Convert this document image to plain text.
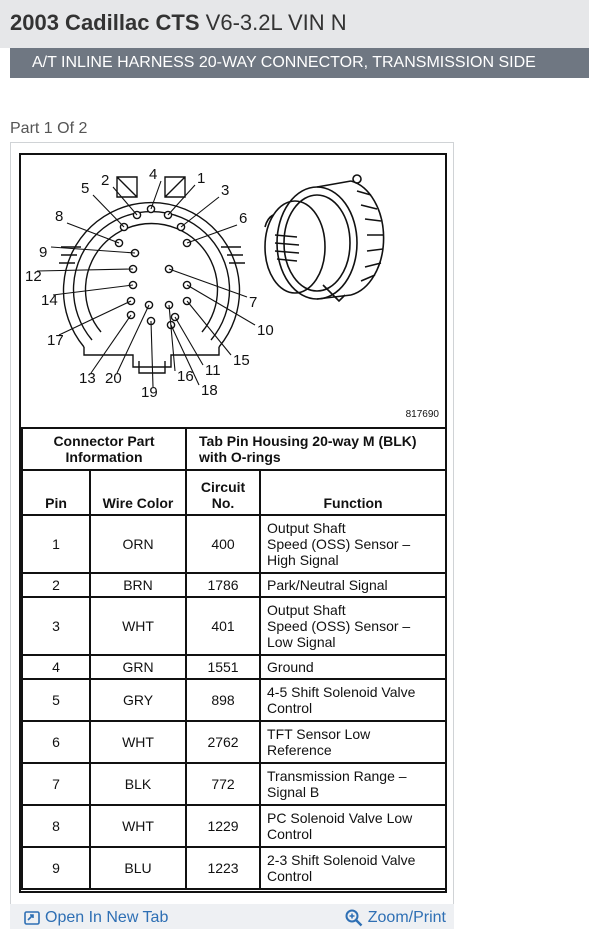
2003 Cadillac CTS V6-3.2L VIN N
A/T INLINE HARNESS 20-WAY CONNECTOR, TRANSMISSION SIDE
Part 1 Of 2
4	1
2
3
5
6
8
9
12
7
14
10
17
15
13 20	16 11
18
19
817690
Connector Part Information		Tab Pin Housing 20-way M (BLK) with O-rings	
Pin	Wire Color	Circuit No.	Function
1	ORN	400	Output Shaft
Speed (OSS) Sensor –
High Signal
2	BRN	1786	Park/Neutral Signal
3	WHT	401	Output Shaft
Speed (OSS) Sensor –
Low Signal
4	GRN	1551	Ground
5	GRY	898	4-5 Shift Solenoid Valve
Control
6	WHT	2762	TFT Sensor Low
Reference
7	BLK	772	Transmission Range –
Signal B
8	WHT	1229	PC Solenoid Valve Low
Control
9	BLU	1223	2-3 Shift Solenoid Valve
Control
Open In New Tab	Zoom/Print
